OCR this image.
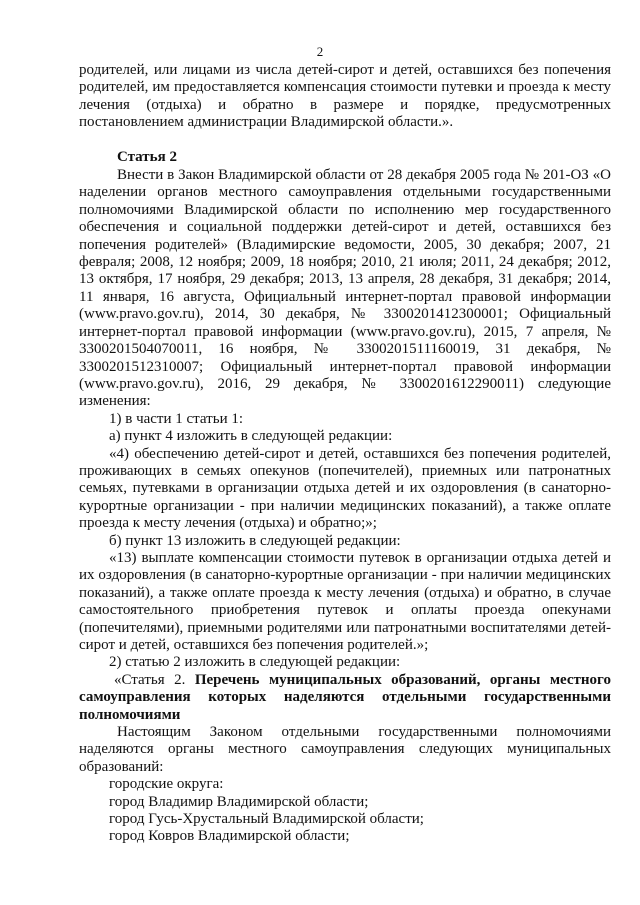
2

родителей, или лицами из числа детей-сирот и детей, оставшихся без попечения родителей, им предоставляется компенсация стоимости путевки и проезда к месту лечения (отдыха) и обратно в размере и порядке, предусмотренных постановлением администрации Владимирской области.».

Статья 2

Внести в Закон Владимирской области от 28 декабря 2005 года № 201-ОЗ «О наделении органов местного самоуправления отдельными государственными полномочиями Владимирской области по исполнению мер государственного обеспечения и социальной поддержки детей-сирот и детей, оставшихся без попечения родителей» (Владимирские ведомости, 2005, 30 декабря; 2007, 21 февраля; 2008, 12 ноября; 2009, 18 ноября; 2010, 21 июля; 2011, 24 декабря; 2012, 13 октября, 17 ноября, 29 декабря; 2013, 13 апреля, 28 декабря, 31 декабря; 2014, 11 января, 16 августа, Официальный интернет-портал правовой информации (www.pravo.gov.ru), 2014, 30 декабря, № 3300201412300001; Официальный интернет-портал правовой информации (www.pravo.gov.ru), 2015, 7 апреля, № 3300201504070011, 16 ноября, № 3300201511160019, 31 декабря, № 3300201512310007; Официальный интернет-портал правовой информации (www.pravo.gov.ru), 2016, 29 декабря, № 3300201612290011) следующие изменения:

1) в части 1 статьи 1:

а) пункт 4 изложить в следующей редакции:

«4) обеспечению детей-сирот и детей, оставшихся без попечения родителей, проживающих в семьях опекунов (попечителей), приемных или патронатных семьях, путевками в организации отдыха детей и их оздоровления (в санаторно-курортные организации - при наличии медицинских показаний), а также оплате проезда к месту лечения (отдыха) и обратно;»;

б) пункт 13 изложить в следующей редакции:

«13) выплате компенсации стоимости путевок в организации отдыха детей и их оздоровления (в санаторно-курортные организации - при наличии медицинских показаний), а также оплате проезда к месту лечения (отдыха) и обратно, в случае самостоятельного приобретения путевок и оплаты проезда опекунами (попечителями), приемными родителями или патронатными воспитателями детей-сирот и детей, оставшихся без попечения родителей.»;

2) статью 2 изложить в следующей редакции:

«Статья 2. Перечень муниципальных образований, органы местного самоуправления которых наделяются отдельными государственными полномочиями

Настоящим Законом отдельными государственными полномочиями наделяются органы местного самоуправления следующих муниципальных образований:

городские округа:

город Владимир Владимирской области;

город Гусь-Хрустальный Владимирской области;

город Ковров Владимирской области;
